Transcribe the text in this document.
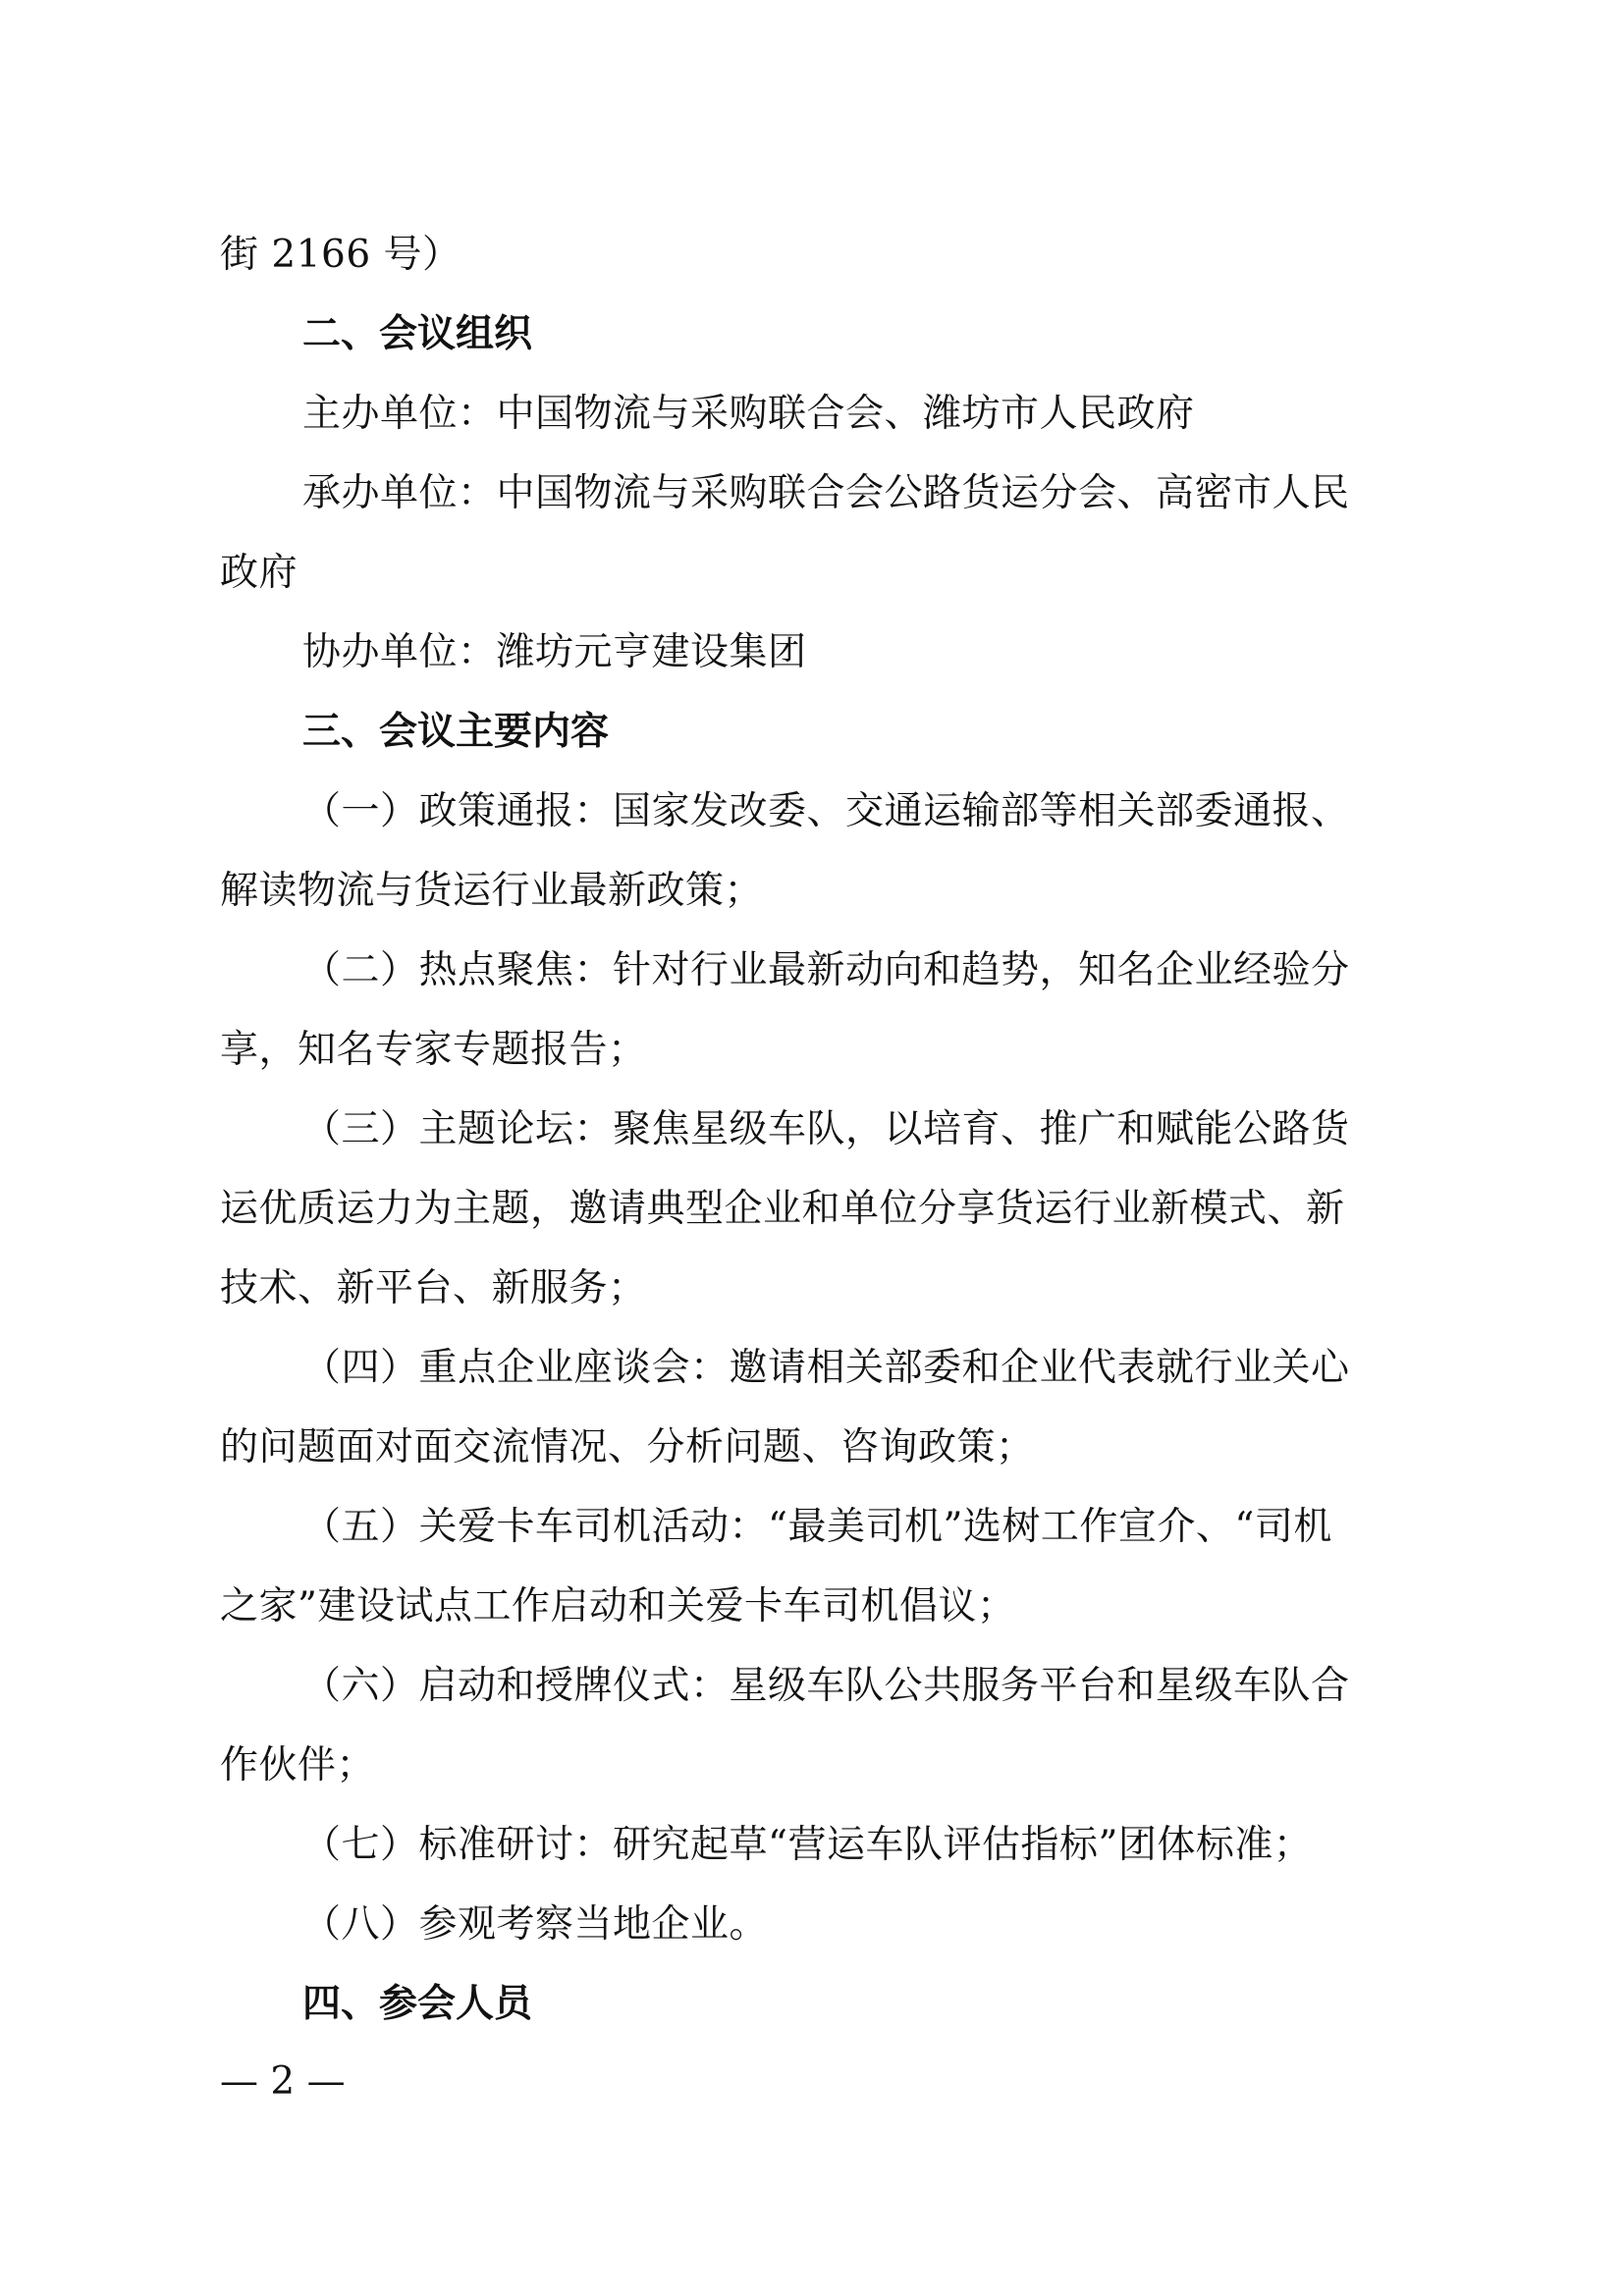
街 2166 号）

二、会议组织

主办单位：中国物流与采购联合会、潍坊市人民政府

承办单位：中国物流与采购联合会公路货运分会、高密市人民
政府

协办单位：潍坊元亨建设集团

三、会议主要内容

（一）政策通报：国家发改委、交通运输部等相关部委通报、
解读物流与货运行业最新政策；

（二）热点聚焦：针对行业最新动向和趋势，知名企业经验分
享，知名专家专题报告；

（三）主题论坛：聚焦星级车队，以培育、推广和赋能公路货
运优质运力为主题，邀请典型企业和单位分享货运行业新模式、新
技术、新平台、新服务；

（四）重点企业座谈会：邀请相关部委和企业代表就行业关心
的问题面对面交流情况、分析问题、咨询政策；

（五）关爱卡车司机活动：“最美司机”选树工作宣介、“司机
之家”建设试点工作启动和关爱卡车司机倡议；

（六）启动和授牌仪式：星级车队公共服务平台和星级车队合
作伙伴；

（七）标准研讨：研究起草“营运车队评估指标”团体标准；

（八）参观考察当地企业。

四、参会人员

— 2 —
